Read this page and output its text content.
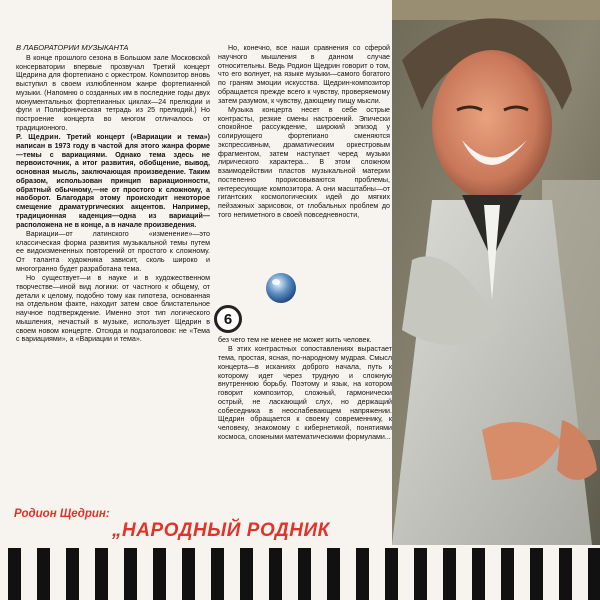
В ЛАБОРАТОРИИ МУЗЫКАНТА

В конце прошлого сезона в Большом зале Московской консерватории впервые прозвучал Третий концерт Щедрина для фортепиано с оркестром. Композитор вновь выступил в своем излюбленном жанре фортепианной музыки. (Напомню о созданных им в последние годы двух монументальных фортепианных циклах—24 прелюдии и фуги и Полифоническая тетрадь из 25 прелюдий.) Но построение концерта во многом отличалось от традиционного.

Р. Щедрин. Третий концерт («Вариации и тема») написан в 1973 году в частой для этого жанра форме—темы с вариациями. Однако тема здесь не первоисточник, а итог развития, обобщение, вывод, основная мысль, заключающая произведение. Таким образом, использован принцип вариационности, обратный обычному,—не от простого к сложному, а наоборот. Благодаря этому происходит некоторое смещение драматургических акцентов. Например, традиционная каденция—одна из вариаций—расположена не в конце, а в начале произведения.

Вариации—от латинского «изменение»—это классическая форма развития музыкальной темы путем ее видоизмененных повторений от простого к сложному. От таланта художника зависит, сколь широко и многогранно будет разработана тема.

Но существует—и в науке и в художественном творчестве—иной вид логики: от частного к общему, от детали к целому, подобно тому как гипотеза, основанная на отдельном факте, находит затем свое блистательное научное подтверждение. Именно этот тип логического мышления, нечастый в музыке, использует Щедрин в своем новом концерте. Отсюда и подзаголовок: не «Тема с вариациями», а «Вариации и тема».

Но, конечно, все наши сравнения со сферой научного мышления в данном случае относительны. Ведь Родион Щедрин говорит о том, что его волнует, на языке музыки—самого богатого по граням эмоции искусства. Щедрин-композитор обращается прежде всего к чувству, проверяемому затем разумом, к чувству, дающему пищу мысли.

Музыка концерта несет в себе острые контрасты, резкие смены настроений. Эпически спокойное рассуждение, широкий эпизод у солирующего фортепиано сменяются экспрессивным, драматическим оркестровым фрагментом, затем наступает черед музыки лирического характера... В этом сложном взаимодействии пластов музыкальной материи постепенно прорисовываются проблемы, интересующие композитора. А они масштабны—от гигантских космологических идей до мягких пейзажных зарисовок, от глобальных проблем до того непиметного в своей повседневности,

без чего тем не менее не может жить человек.

В этих контрастных сопоставлениях вырастает тема, простая, ясная, по-народному мудрая. Смысл концерта—в исканиях доброго начала, путь к которому идет через трудную и сложную внутреннюю борьбу. Поэтому и язык, на котором говорит композитор, сложный, гармонически острый, не ласкающий слух, но держащий собеседника в неослабевающем напряжении. Щедрин обращается к своему современнику, к человеку, знакомому с кибернетикой, понятиями космоса, сложными математическими формулами...

6
Родион Щедрин:
„НАРОДНЫЙ РОДНИК
